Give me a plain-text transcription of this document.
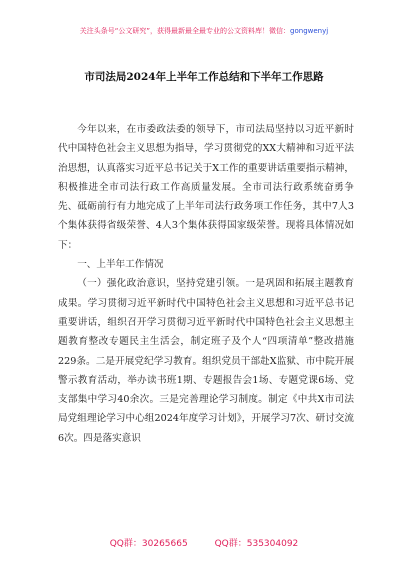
关注头条号“公文研究”，获得最新最全最专业的公文资料库！微信：gongwenyj
市司法局2024年上半年工作总结和下半年工作思路

今年以来，在市委政法委的领导下，市司法局坚持以习近平新时代中国特色社会主义思想为指导，学习贯彻党的XX大精神和习近平法治思想，认真落实习近平总书记关于X工作的重要讲话重要指示精神，积极推进全市司法行政工作高质量发展。全市司法行政系统奋勇争先、砥砺前行有力地完成了上半年司法行政务项工作任务，其中7人3个集体获得省级荣誉、4人3个集体获得国家级荣誉。现将具体情况如下：

一、上半年工作情况

（一）强化政治意识，坚持党建引领。一是巩固和拓展主题教育成果。学习贯彻习近平新时代中国特色社会主义思想和习近平总书记重要讲话，组织召开学习贯彻习近平新时代中国特色社会主义思想主题教育整改专题民主生活会，制定班子及个人“四项清单”整改措施229条。二是开展党纪学习教育。组织党员干部赴X监狱、市中院开展警示教育活动，举办读书班1期、专题报告会1场、专题党课6场、党支部集中学习40余次。三是完善理论学习制度。制定《中共X市司法局党组理论学习中心组2024年度学习计划》，开展学习7次、研讨交流6次。四是落实意识

QQ群：30265665	QQ群：535304092
